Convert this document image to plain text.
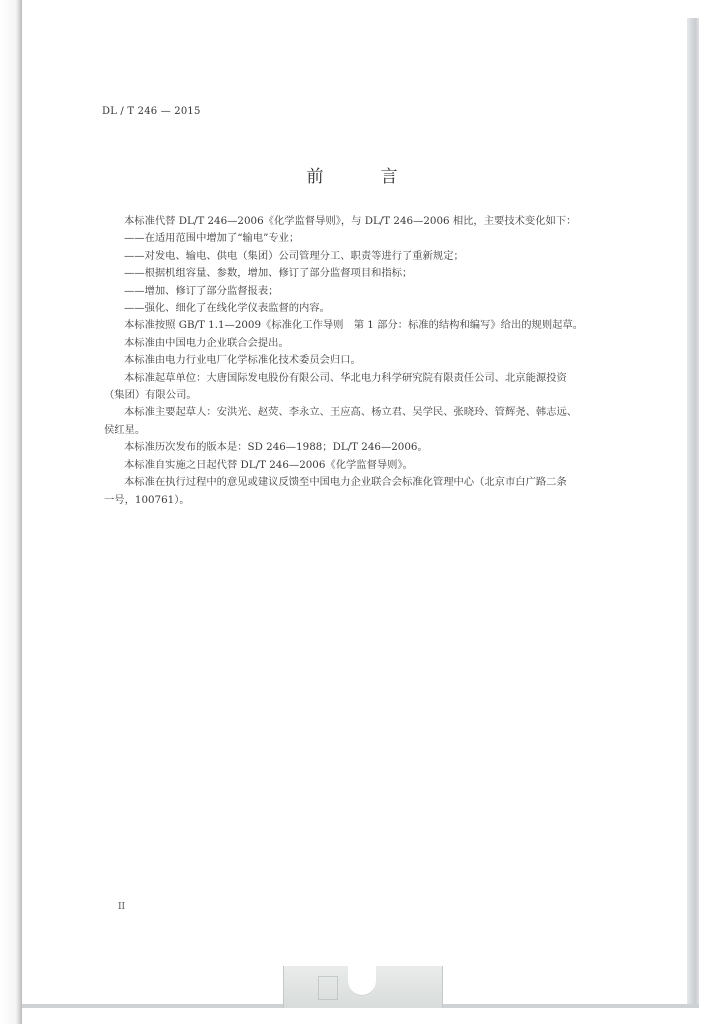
DL / T 246 — 2015
前　言

本标准代替 DL/T 246—2006《化学监督导则》，与 DL/T 246—2006 相比，主要技术变化如下：

——在适用范围中增加了“输电”专业；

——对发电、输电、供电（集团）公司管理分工、职责等进行了重新规定；

——根据机组容量、参数，增加、修订了部分监督项目和指标；

——增加、修订了部分监督报表；

——强化、细化了在线化学仪表监督的内容。

本标准按照 GB/T 1.1—2009《标准化工作导则　第 1 部分：标准的结构和编写》给出的规则起草。

本标准由中国电力企业联合会提出。

本标准由电力行业电厂化学标准化技术委员会归口。

本标准起草单位：大唐国际发电股份有限公司、华北电力科学研究院有限责任公司、北京能源投资

（集团）有限公司。

本标准主要起草人：安洪光、赵荧、李永立、王应高、杨立君、吴学民、张晓玲、管辉尧、韩志远、

侯红星。

本标准历次发布的版本是：SD 246—1988；DL/T 246—2006。

本标准自实施之日起代替 DL/T 246—2006《化学监督导则》。

本标准在执行过程中的意见或建议反馈至中国电力企业联合会标准化管理中心（北京市白广路二条

一号，100761）。

II
